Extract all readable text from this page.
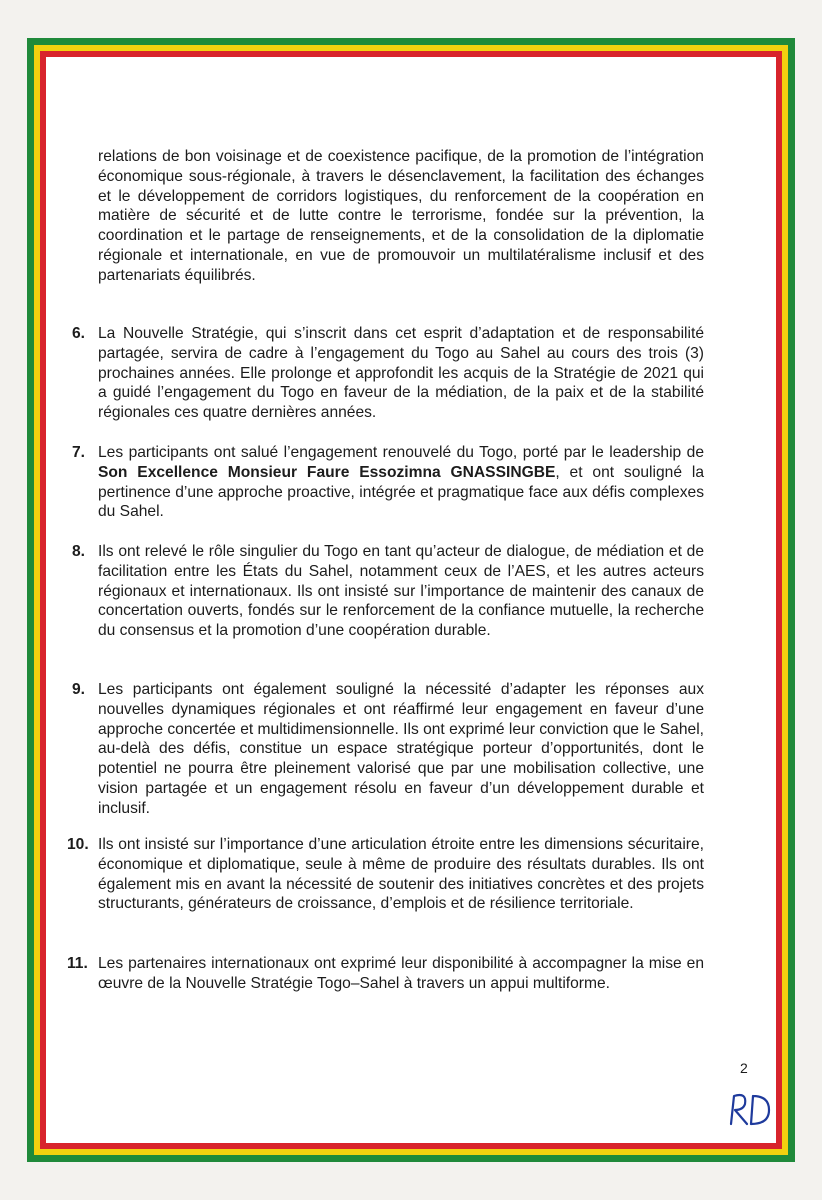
relations de bon voisinage et de coexistence pacifique, de la promotion de l’intégration économique sous-régionale, à travers le désenclavement, la facilitation des échanges et le développement de corridors logistiques, du renforcement de la coopération en matière de sécurité et de lutte contre le terrorisme, fondée sur la prévention, la coordination et le partage de renseignements, et de la consolidation de la diplomatie régionale et internationale, en vue de promouvoir un multilatéralisme inclusif et des partenariats équilibrés.

6. La Nouvelle Stratégie, qui s’inscrit dans cet esprit d’adaptation et de responsabilité partagée, servira de cadre à l’engagement du Togo au Sahel au cours des trois (3) prochaines années. Elle prolonge et approfondit les acquis de la Stratégie de 2021 qui a guidé l’engagement du Togo en faveur de la médiation, de la paix et de la stabilité régionales ces quatre dernières années.

7. Les participants ont salué l’engagement renouvelé du Togo, porté par le leadership de Son Excellence Monsieur Faure Essozimna GNASSINGBE, et ont souligné la pertinence d’une approche proactive, intégrée et pragmatique face aux défis complexes du Sahel.

8. Ils ont relevé le rôle singulier du Togo en tant qu’acteur de dialogue, de médiation et de facilitation entre les États du Sahel, notamment ceux de l’AES, et les autres acteurs régionaux et internationaux. Ils ont insisté sur l’importance de maintenir des canaux de concertation ouverts, fondés sur le renforcement de la confiance mutuelle, la recherche du consensus et la promotion d’une coopération durable.

9. Les participants ont également souligné la nécessité d’adapter les réponses aux nouvelles dynamiques régionales et ont réaffirmé leur engagement en faveur d’une approche concertée et multidimensionnelle. Ils ont exprimé leur conviction que le Sahel, au-delà des défis, constitue un espace stratégique porteur d’opportunités, dont le potentiel ne pourra être pleinement valorisé que par une mobilisation collective, une vision partagée et un engagement résolu en faveur d’un développement durable et inclusif.

10. Ils ont insisté sur l’importance d’une articulation étroite entre les dimensions sécuritaire, économique et diplomatique, seule à même de produire des résultats durables. Ils ont également mis en avant la nécessité de soutenir des initiatives concrètes et des projets structurants, générateurs de croissance, d’emplois et de résilience territoriale.

11. Les partenaires internationaux ont exprimé leur disponibilité à accompagner la mise en œuvre de la Nouvelle Stratégie Togo–Sahel à travers un appui multiforme.

2
